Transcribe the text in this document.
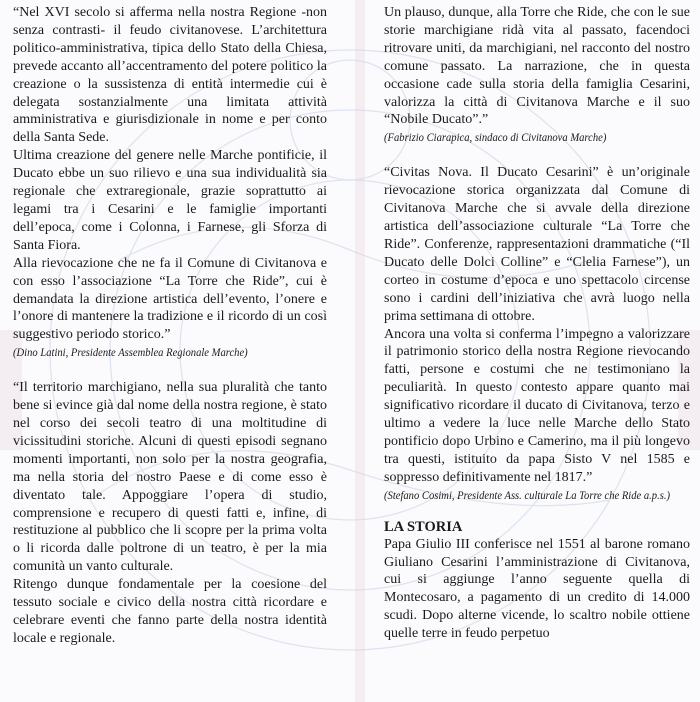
“Nel XVI secolo si afferma nella nostra Regione -non senza contrasti- il feudo civitanovese. L’architettura politico-amministrativa, tipica dello Stato della Chiesa, prevede accanto all’accentramento del potere politico la creazione o la sussistenza di entità intermedie cui è delegata sostanzialmente una limitata attività amministrativa e giurisdizionale in nome e per conto della Santa Sede.

Ultima creazione del genere nelle Marche pontificie, il Ducato ebbe un suo rilievo e una sua individualità sia regionale che extraregionale, grazie soprattutto ai legami tra i Cesarini e le famiglie importanti dell’epoca, come i Colonna, i Farnese, gli Sforza di Santa Fiora.

Alla rievocazione che ne fa il Comune di Civitanova e con esso l’associazione “La Torre che Ride”, cui è demandata la direzione artistica dell’evento, l’onere e l’onore di mantenere la tradizione e il ricordo di un così suggestivo periodo storico.”

(Dino Latini, Presidente Assemblea Regionale Marche)

“Il territorio marchigiano, nella sua pluralità che tanto bene si evince già dal nome della nostra regione, è stato nel corso dei secoli teatro di una moltitudine di vicissitudini storiche. Alcuni di questi episodi segnano momenti importanti, non solo per la nostra geografia, ma nella storia del nostro Paese e di come esso è diventato tale. Appoggiare l’opera di studio, comprensione e recupero di questi fatti e, infine, di restituzione al pubblico che li scopre per la prima volta o li ricorda dalle poltrone di un teatro, è per la mia comunità un vanto culturale.

Ritengo dunque fondamentale per la coesione del tessuto sociale e civico della nostra città ricordare e celebrare eventi che fanno parte della nostra identità locale e regionale.

Un plauso, dunque, alla Torre che Ride, che con le sue storie marchigiane ridà vita al passato, facendoci ritrovare uniti, da marchigiani, nel racconto del nostro comune passato. La narrazione, che in questa occasione cade sulla storia della famiglia Cesarini, valorizza la città di Civitanova Marche e il suo “Nobile Ducato”.”

(Fabrizio Ciarapica, sindaco di Civitanova Marche)

“Civitas Nova. Il Ducato Cesarini” è un’originale rievocazione storica organizzata dal Comune di Civitanova Marche che si avvale della direzione artistica dell’associazione culturale “La Torre che Ride”. Conferenze, rappresentazioni drammatiche (“Il Ducato delle Dolci Colline” e “Clelia Farnese”), un corteo in costume d’epoca e uno spettacolo circense sono i cardini dell’iniziativa che avrà luogo nella prima settimana di ottobre.

Ancora una volta si conferma l’impegno a valorizzare il patrimonio storico della nostra Regione rievocando fatti, persone e costumi che ne testimoniano la peculiarità. In questo contesto appare quanto mai significativo ricordare il ducato di Civitanova, terzo e ultimo a vedere la luce nelle Marche dello Stato pontificio dopo Urbino e Camerino, ma il più longevo tra questi, istituito da papa Sisto V nel 1585 e soppresso definitivamente nel 1817.”

(Stefano Cosimi, Presidente Ass. culturale La Torre che Ride a.p.s.)

LA STORIA

Papa Giulio III conferisce nel 1551 al barone romano Giuliano Cesarini l’amministrazione di Civitanova, cui si aggiunge l’anno seguente quella di Montecosaro, a pagamento di un credito di 14.000 scudi. Dopo alterne vicende, lo scaltro nobile ottiene quelle terre in feudo perpetuo
